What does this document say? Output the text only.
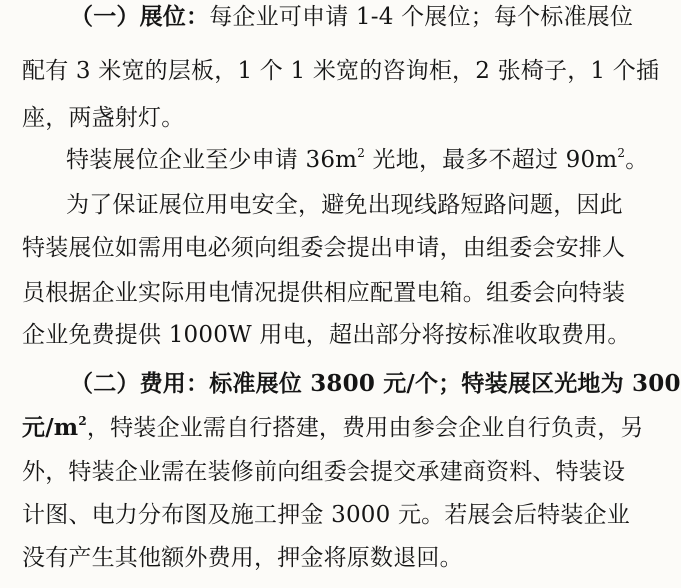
（一）展位：每企业可申请 1-4 个展位；每个标准展位
配有 3 米宽的层板，1 个 1 米宽的咨询柜，2 张椅子，1 个插
座，两盏射灯。
特装展位企业至少申请 $36m^2$ 光地，最多不超过 $90m^2$。
为了保证展位用电安全，避免出现线路短路问题，因此
特装展位如需用电必须向组委会提出申请，由组委会安排人
员根据企业实际用电情况提供相应配置电箱。组委会向特装
企业免费提供 1000W 用电，超出部分将按标准收取费用。
（二）费用：标准展位 3800 元/个；特装展区光地为 300
元$/m^2$，特装企业需自行搭建，费用由参会企业自行负责，另
外，特装企业需在装修前向组委会提交承建商资料、特装设
计图、电力分布图及施工押金 3000 元。若展会后特装企业
没有产生其他额外费用，押金将原数退回。
